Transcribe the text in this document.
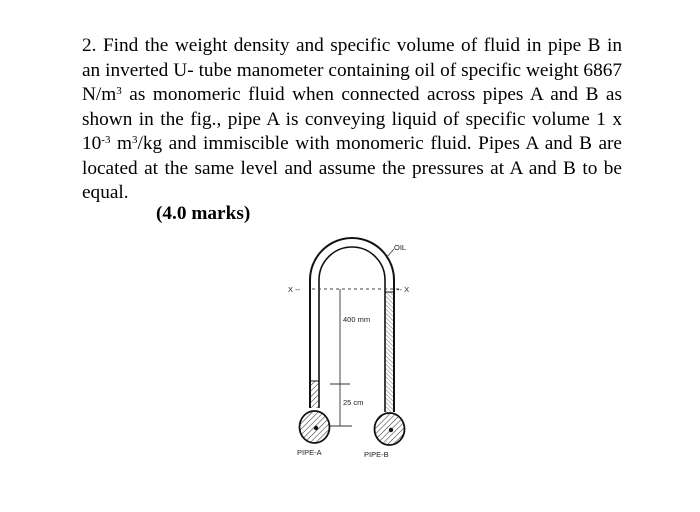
2. Find the weight density and specific volume of fluid in pipe B in an inverted U- tube manometer containing oil of specific weight 6867 $N/m^3$ as monomeric fluid when connected across pipes A and B as shown in the fig., pipe A is conveying liquid of specific volume 1 x $10^{-3}$ $m^3/kg$ and immiscible with monomeric fluid. Pipes A and B are located at the same level and assume the pressures at A and B to be equal.

(4.0 marks)

X --	-- X
400 mm
25 cm
OIL
PIPE-A	PIPE-B
